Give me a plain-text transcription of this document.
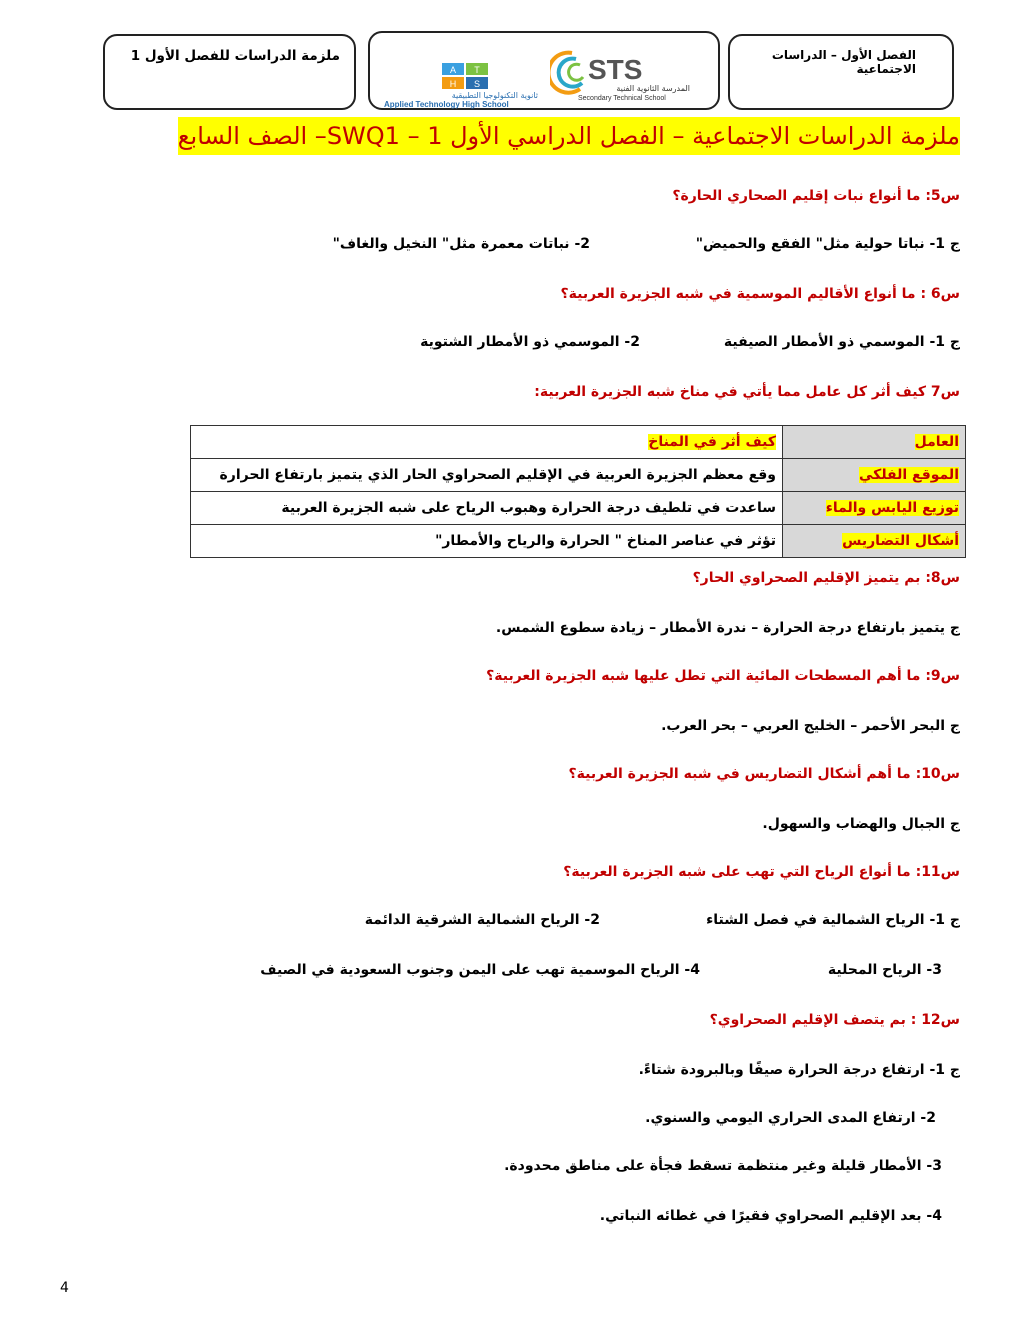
الفصل الأول – الدراسات الاجتماعية
STS
المدرسة الثانوية الفنية
Secondary Technical School
A T
H S
ثانوية التكنولوجيا التطبيقية
Applied Technology High School
ملزمة الدراسات للفصل الأول 1
ملزمة الدراسات الاجتماعية – الفصل الدراسي الأول 1 – SWQ1– الصف السابع
س5: ما أنواع نبات إقليم الصحاري الحارة؟
ج 1- نباتا حولية مثل" الفقع والحميض"
2- نباتات معمرة مثل" النخيل والغاف"
س6 : ما أنواع الأقاليم الموسمية في شبه الجزيرة العربية؟
ج 1- الموسمي ذو الأمطار الصيفية
2- الموسمي ذو الأمطار الشتوية
س7 كيف أثر كل عامل مما يأتي في مناخ شبه الجزيرة العربية:
العامل	كيف أثر في المناخ
الموقع الفلكي	وقع معظم الجزيرة العربية في الإقليم الصحراوي الحار الذي يتميز بارتفاع الحرارة
توزيع اليابس والماء	ساعدت في تلطيف درجة الحرارة وهبوب الرياح على شبه الجزيرة العربية
أشكال التضاريس	تؤثر في عناصر المناخ " الحرارة والرياح والأمطار"
س8: بم يتميز الإقليم الصحراوي الحار؟
ج يتميز بارتفاع درجة الحرارة – ندرة الأمطار – زيادة سطوع الشمس.
س9: ما أهم المسطحات المائية التي تطل عليها شبه الجزيرة العربية؟
ج البحر الأحمر – الخليج العربي – بحر العرب.
س10: ما أهم أشكال التضاريس في شبه الجزيرة العربية؟
ج الجبال والهضاب والسهول.
س11: ما أنواع الرياح التي تهب على شبه الجزيرة العربية؟
ج 1- الرياح الشمالية في فصل الشتاء
2- الرياح الشمالية الشرقية الدائمة
3- الرياح المحلية
4- الرياح الموسمية تهب على اليمن وجنوب السعودية في الصيف
س12 : بم يتصف الإقليم الصحراوي؟
ج 1- ارتفاع درجة الحرارة صيفًا وبالبرودة شتاءً.
2- ارتفاع المدى الحراري اليومي والسنوي.
3- الأمطار قليلة وغير منتظمة تسقط فجأة على مناطق محدودة.
4- بعد الإقليم الصحراوي فقيرًا في غطائه النباتي.
4
